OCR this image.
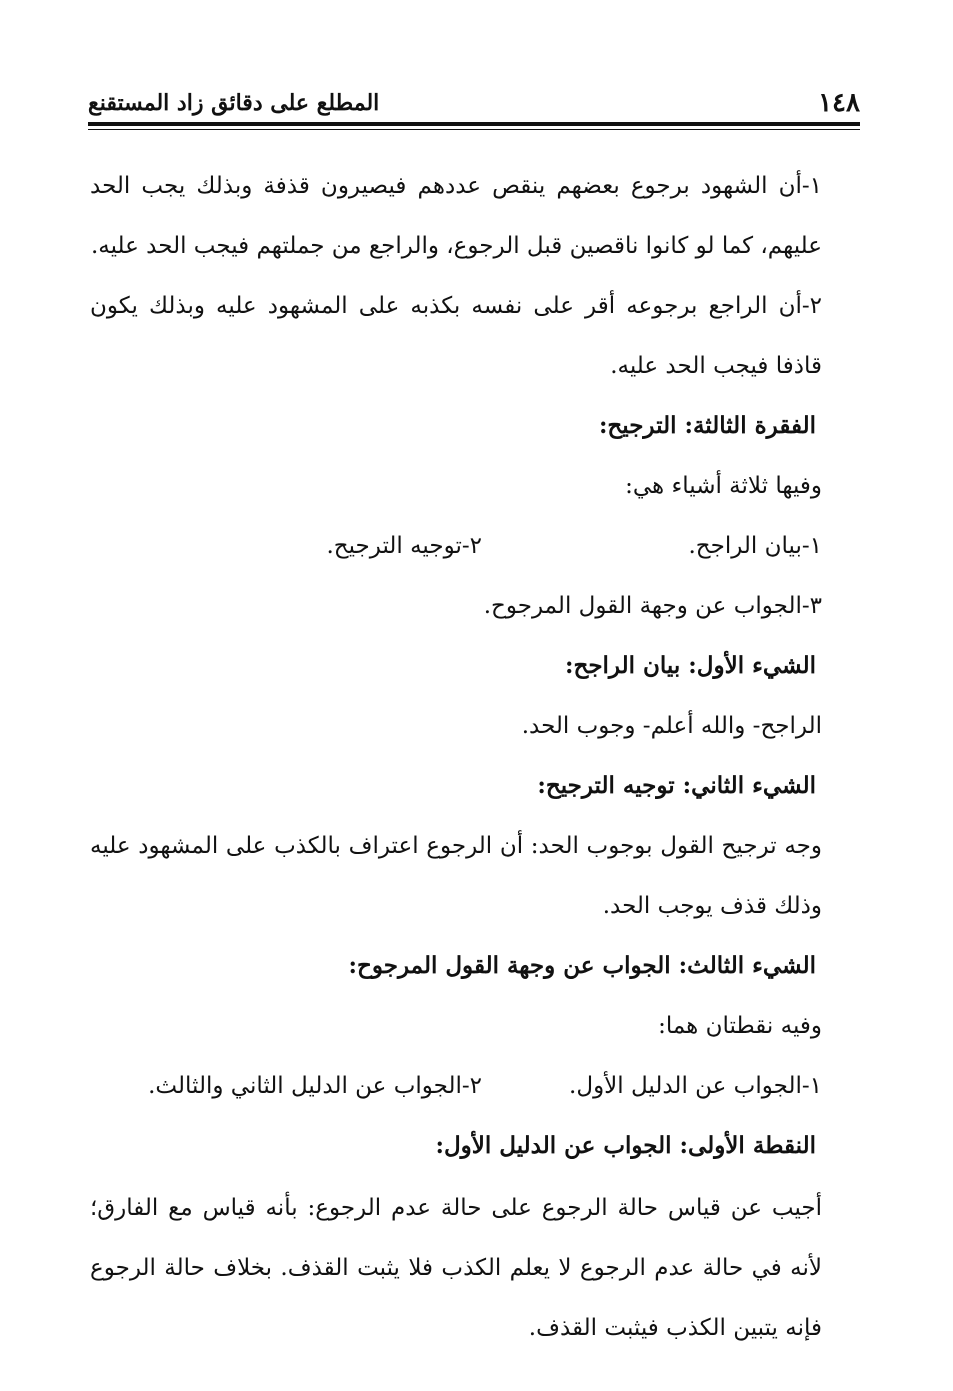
١٤٨
المطلع على دقائق زاد المستقنع

١-أن الشهود برجوع بعضهم ينقص عددهم فيصيرون قذفة وبذلك يجب الحد عليهم، كما لو كانوا ناقصين قبل الرجوع، والراجع من جملتهم فيجب الحد عليه.

٢-أن الراجع برجوعه أقر على نفسه بكذبه على المشهود عليه وبذلك يكون قاذفا فيجب الحد عليه.

الفقرة الثالثة: الترجيح:

وفيها ثلاثة أشياء هي:

١-بيان الراجح.
٢-توجيه الترجيح.

٣-الجواب عن وجهة القول المرجوح.

الشيء الأول: بيان الراجح:

الراجح- والله أعلم- وجوب الحد.

الشيء الثاني: توجيه الترجيح:

وجه ترجيح القول بوجوب الحد: أن الرجوع اعتراف بالكذب على المشهود عليه وذلك قذف يوجب الحد.

الشيء الثالث: الجواب عن وجهة القول المرجوح:

وفيه نقطتان هما:

١-الجواب عن الدليل الأول.
٢-الجواب عن الدليل الثاني والثالث.

النقطة الأولى: الجواب عن الدليل الأول:

أجيب عن قياس حالة الرجوع على حالة عدم الرجوع: بأنه قياس مع الفارق؛ لأنه في حالة عدم الرجوع لا يعلم الكذب فلا يثبت القذف. بخلاف حالة الرجوع فإنه يتبين الكذب فيثبت القذف.
